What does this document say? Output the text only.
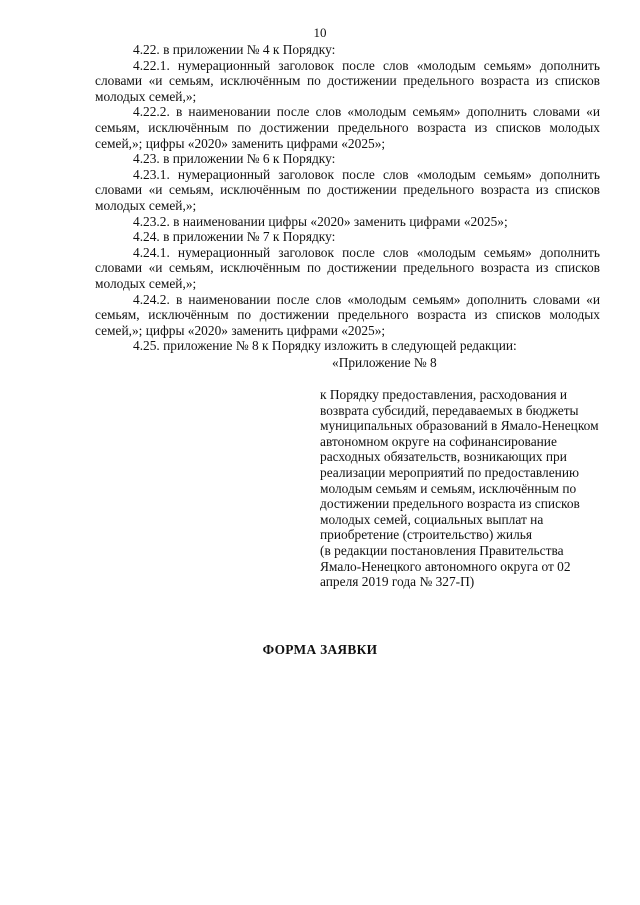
10

4.22. в приложении № 4 к Порядку:

4.22.1. нумерационный заголовок после слов «молодым семьям» дополнить словами «и семьям, исключённым по достижении предельного возраста из списков молодых семей,»;

4.22.2. в наименовании после слов «молодым семьям» дополнить словами «и семьям, исключённым по достижении предельного возраста из списков молодых семей,»; цифры «2020» заменить цифрами «2025»;

4.23. в приложении № 6 к Порядку:

4.23.1. нумерационный заголовок после слов «молодым семьям» дополнить словами «и семьям, исключённым по достижении предельного возраста из списков молодых семей,»;

4.23.2. в наименовании цифры «2020» заменить цифрами «2025»;

4.24. в приложении № 7 к Порядку:

4.24.1. нумерационный заголовок после слов «молодым семьям» дополнить словами «и семьям, исключённым по достижении предельного возраста из списков молодых семей,»;

4.24.2. в наименовании после слов «молодым семьям» дополнить словами «и семьям, исключённым по достижении предельного возраста из списков молодых семей,»; цифры «2020» заменить цифрами «2025»;

4.25. приложение № 8 к Порядку изложить в следующей редакции:

«Приложение № 8
к Порядку предоставления, расходования и возврата субсидий, передаваемых в бюджеты муниципальных образований в Ямало-Ненецком автономном округе на софинансирование расходных обязательств, возникающих при реализации мероприятий по предоставлению молодым семьям и семьям, исключённым по достижении предельного возраста из списков молодых семей, социальных выплат на приобретение (строительство) жилья
(в редакции постановления Правительства Ямало-Ненецкого автономного округа от 02 апреля 2019 года № 327-П)
ФОРМА ЗАЯВКИ
